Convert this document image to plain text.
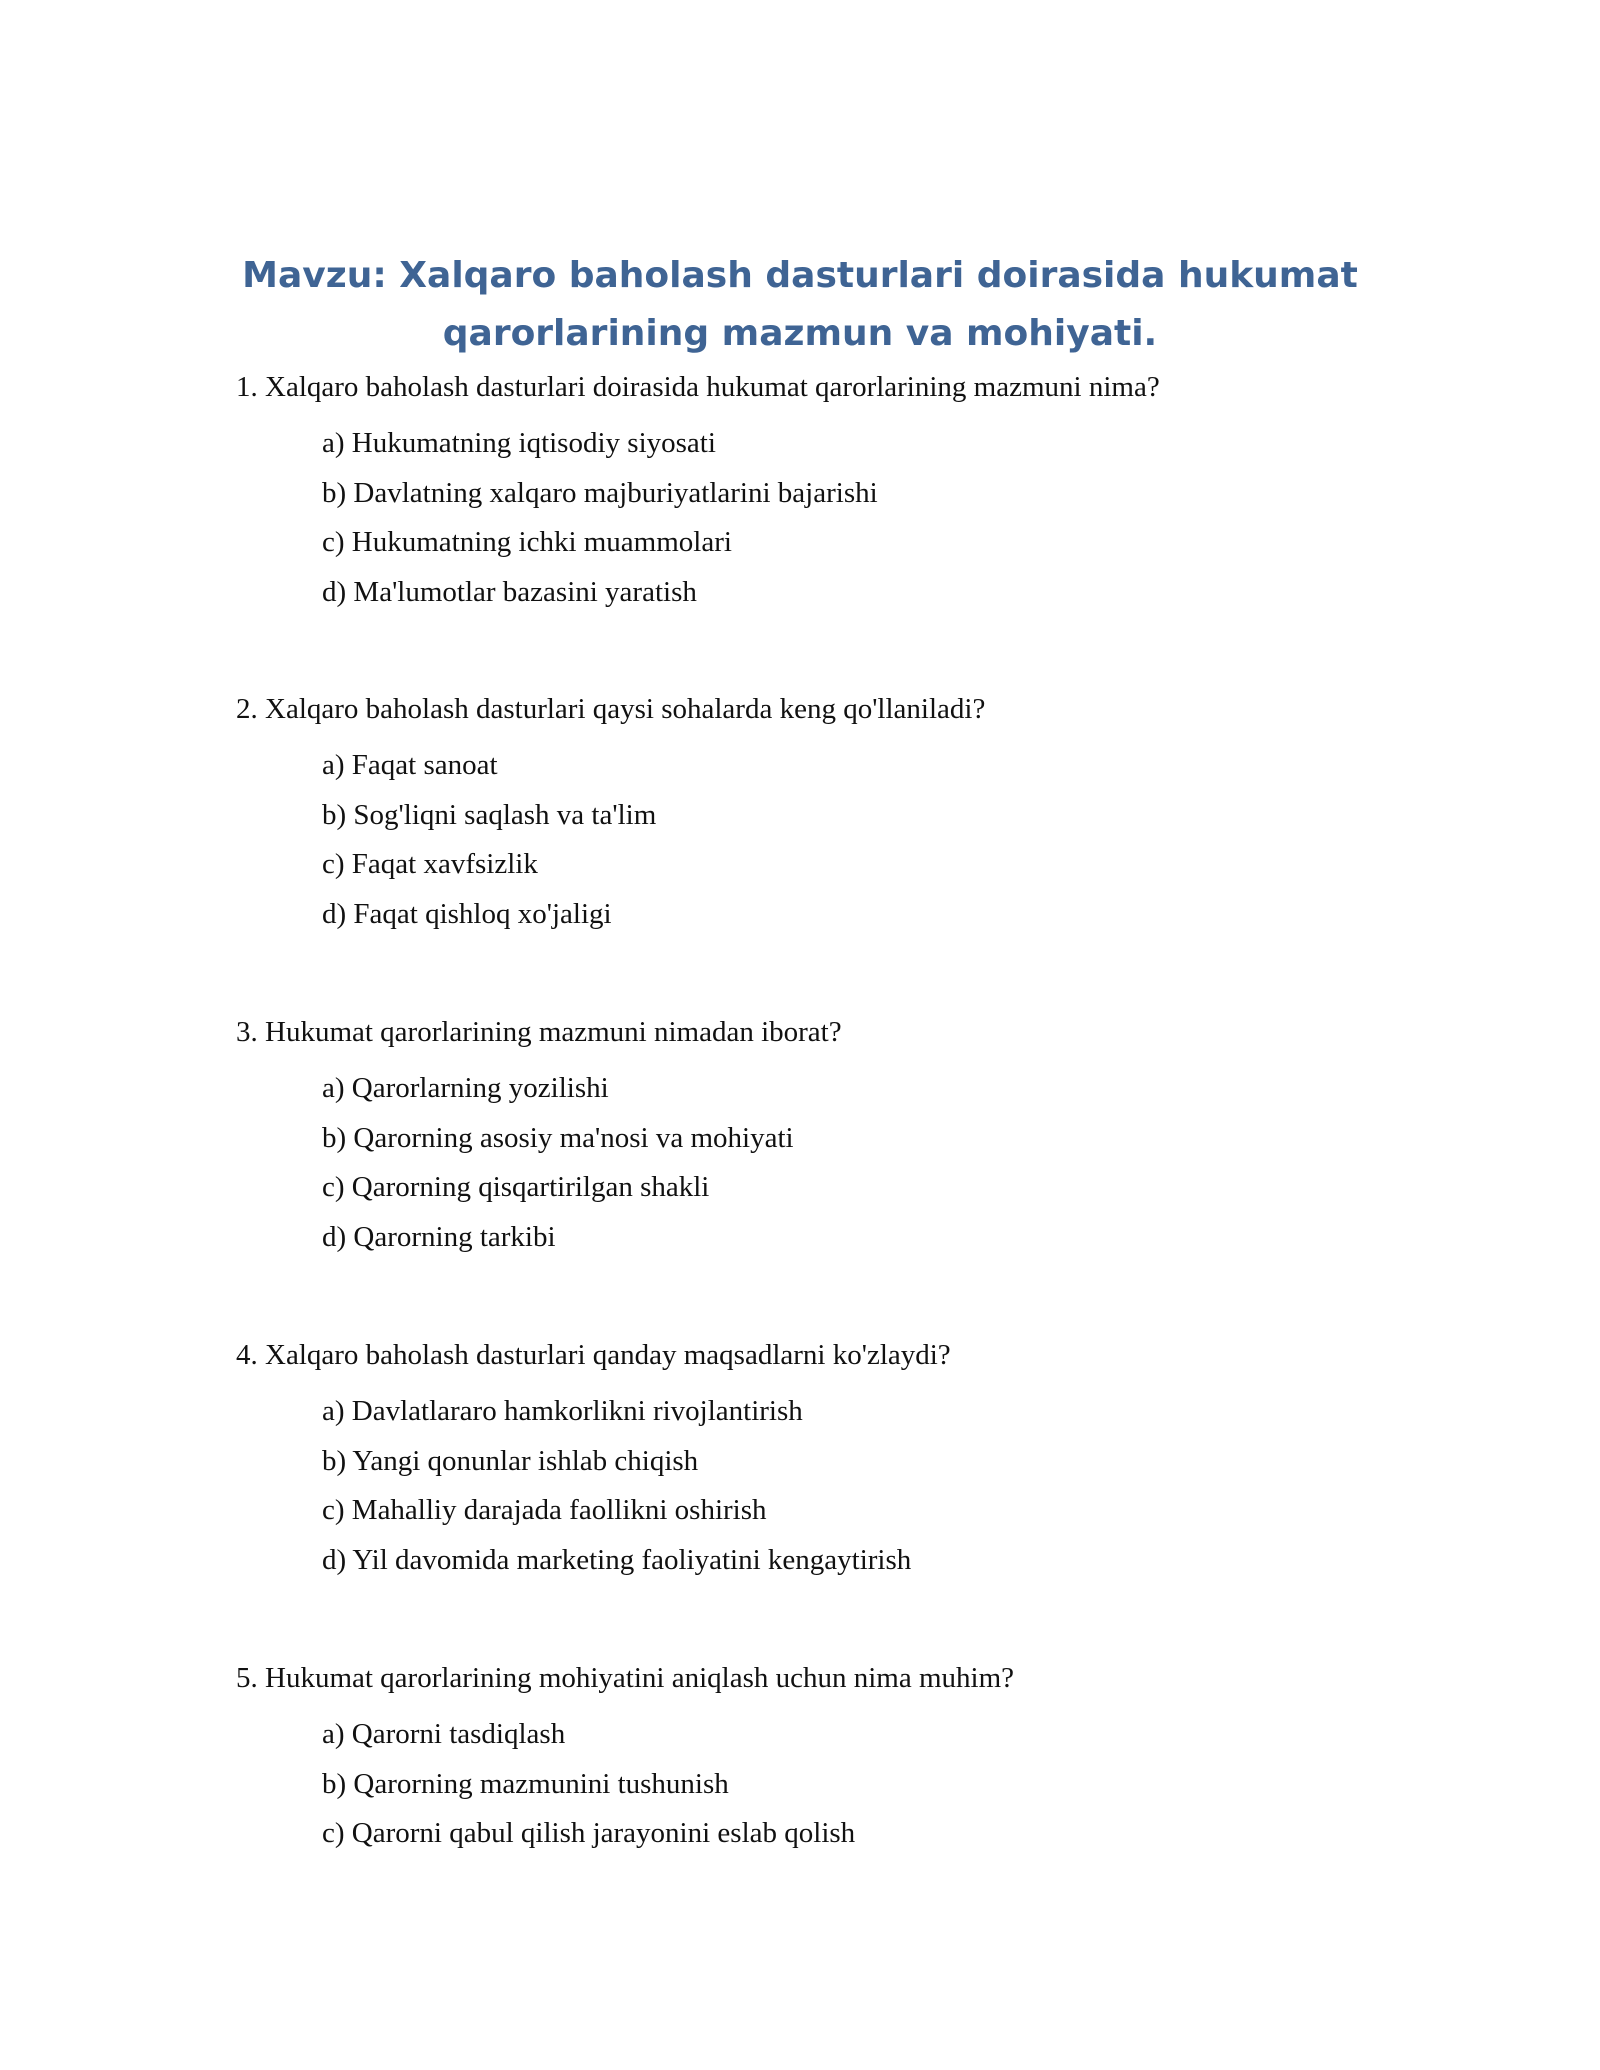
Mavzu: Xalqaro baholash dasturlari doirasida hukumat
qarorlarining mazmun va mohiyati.

1. Xalqaro baholash dasturlari doirasida hukumat qarorlarining mazmuni nima?

a) Hukumatning iqtisodiy siyosati
b) Davlatning xalqaro majburiyatlarini bajarishi
c) Hukumatning ichki muammolari
d) Ma'lumotlar bazasini yaratish

2. Xalqaro baholash dasturlari qaysi sohalarda keng qo'llaniladi?

a) Faqat sanoat
b) Sog'liqni saqlash va ta'lim
c) Faqat xavfsizlik
d) Faqat qishloq xo'jaligi

3. Hukumat qarorlarining mazmuni nimadan iborat?

a) Qarorlarning yozilishi
b) Qarorning asosiy ma'nosi va mohiyati
c) Qarorning qisqartirilgan shakli
d) Qarorning tarkibi

4. Xalqaro baholash dasturlari qanday maqsadlarni ko'zlaydi?

a) Davlatlararo hamkorlikni rivojlantirish
b) Yangi qonunlar ishlab chiqish
c) Mahalliy darajada faollikni oshirish
d) Yil davomida marketing faoliyatini kengaytirish

5. Hukumat qarorlarining mohiyatini aniqlash uchun nima muhim?

a) Qarorni tasdiqlash
b) Qarorning mazmunini tushunish
c) Qarorni qabul qilish jarayonini eslab qolish
